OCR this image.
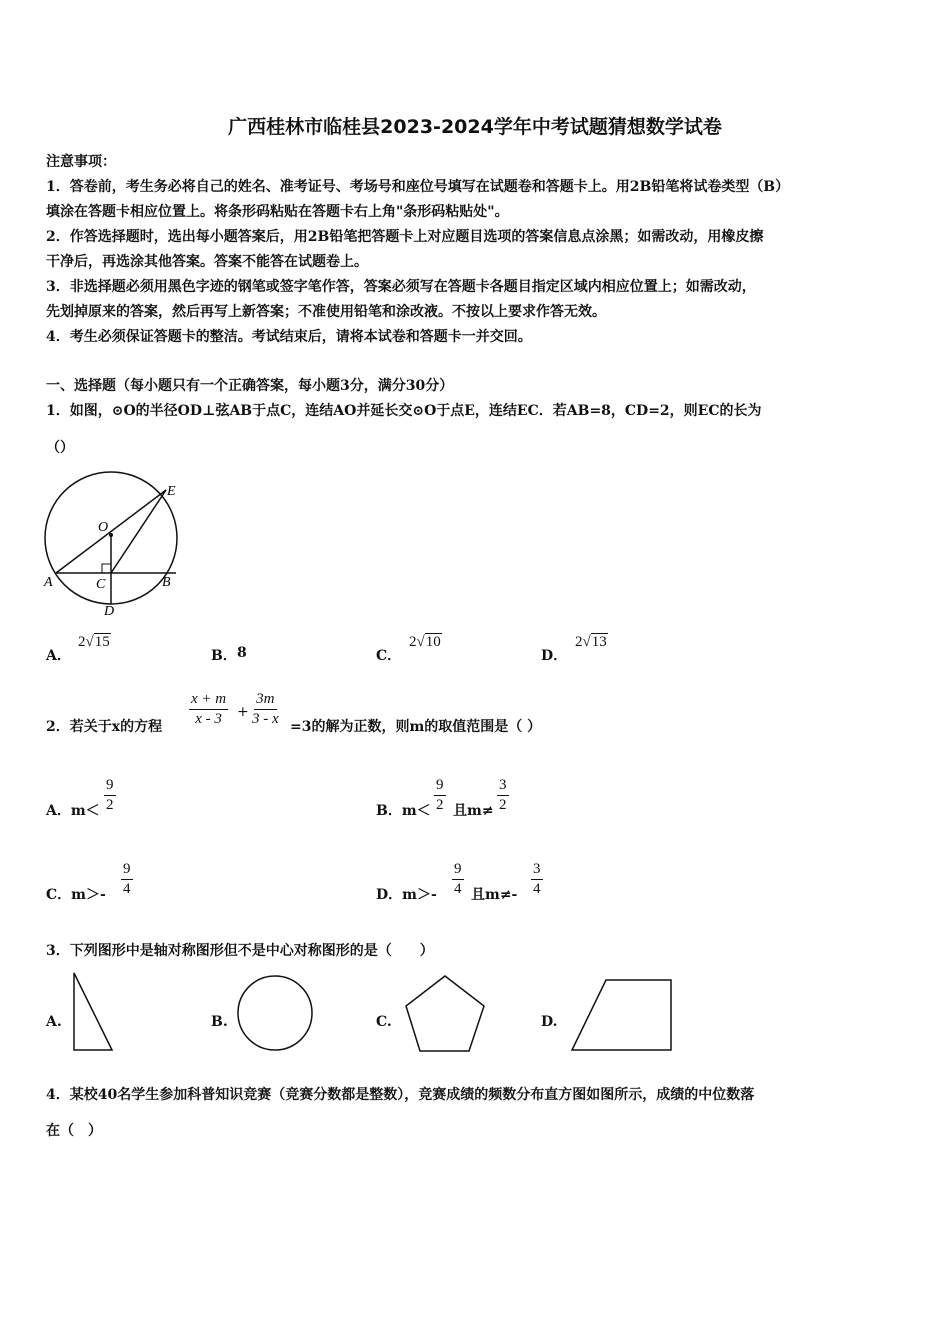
广西桂林市临桂县2023-2024学年中考试题猜想数学试卷
注意事项：
1．答卷前，考生务必将自己的姓名、准考证号、考场号和座位号填写在试题卷和答题卡上。用2B铅笔将试卷类型（B）
填涂在答题卡相应位置上。将条形码粘贴在答题卡右上角"条形码粘贴处"。
2．作答选择题时，选出每小题答案后，用2B铅笔把答题卡上对应题目选项的答案信息点涂黑；如需改动，用橡皮擦
干净后，再选涂其他答案。答案不能答在试题卷上。
3．非选择题必须用黑色字迹的钢笔或签字笔作答，答案必须写在答题卡各题目指定区域内相应位置上；如需改动，
先划掉原来的答案，然后再写上新答案；不准使用铅笔和涂改液。不按以上要求作答无效。
4．考生必须保证答题卡的整洁。考试结束后，请将本试卷和答题卡一并交回。
一、选择题（每小题只有一个正确答案，每小题3分，满分30分）
1．如图，⊙O的半径OD⊥弦AB于点C，连结AO并延长交⊙O于点E，连结EC．若AB=8，CD=2，则EC的长为
（）
E
O
A	C	B
D
A．
2√15
B． 8	C．
2√10
D．
2√13
2．若关于x的方程 $\frac{x + m}{x - 3} + \frac{3m}{3 - x} =3$的解为正数，则m的取值范围是（ ）
A．$m< \frac{9}{2}$	B．$m< \frac{9}{2}$ 且$m\ne \frac{3}{2}$
C．$m>- \frac{9}{4}$	D．$m>- \frac{9}{4}$ 且$m\ne- \frac{3}{4}$
3．下列图形中是轴对称图形但不是中心对称图形的是（　　）
A.	B.	C.	D.
4．某校40名学生参加科普知识竞赛（竞赛分数都是整数），竞赛成绩的频数分布直方图如图所示，成绩的中位数落
在（　）
